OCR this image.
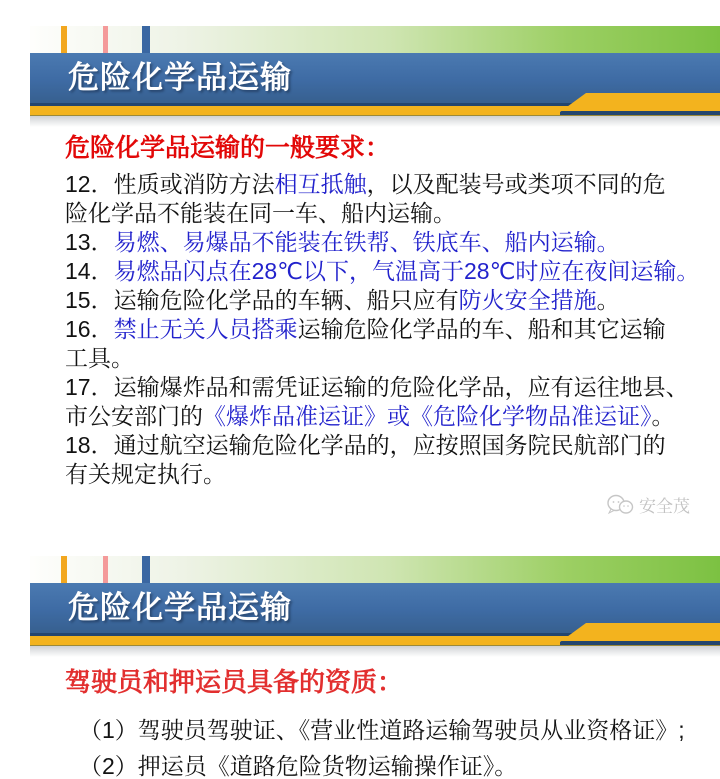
危险化学品运输
危险化学品运输的一般要求：
12．性质或消防方法相互抵触，以及配装号或类项不同的危
险化学品不能装在同一车、船内运输。
13．易燃、易爆品不能装在铁帮、铁底车、船内运输。
14．易燃品闪点在28℃以下，气温高于28℃时应在夜间运输。
15．运输危险化学品的车辆、船只应有防火安全措施。
16．禁止无关人员搭乘运输危险化学品的车、船和其它运输
工具。
17．运输爆炸品和需凭证运输的危险化学品，应有运往地县、
市公安部门的《爆炸品准运证》或《危险化学物品准运证》。
18．通过航空运输危险化学品的，应按照国务院民航部门的
有关规定执行。
安全茂
危险化学品运输
驾驶员和押运员具备的资质：
（1）驾驶员驾驶证、《营业性道路运输驾驶员从业资格证》;
（2）押运员《道路危险货物运输操作证》。
